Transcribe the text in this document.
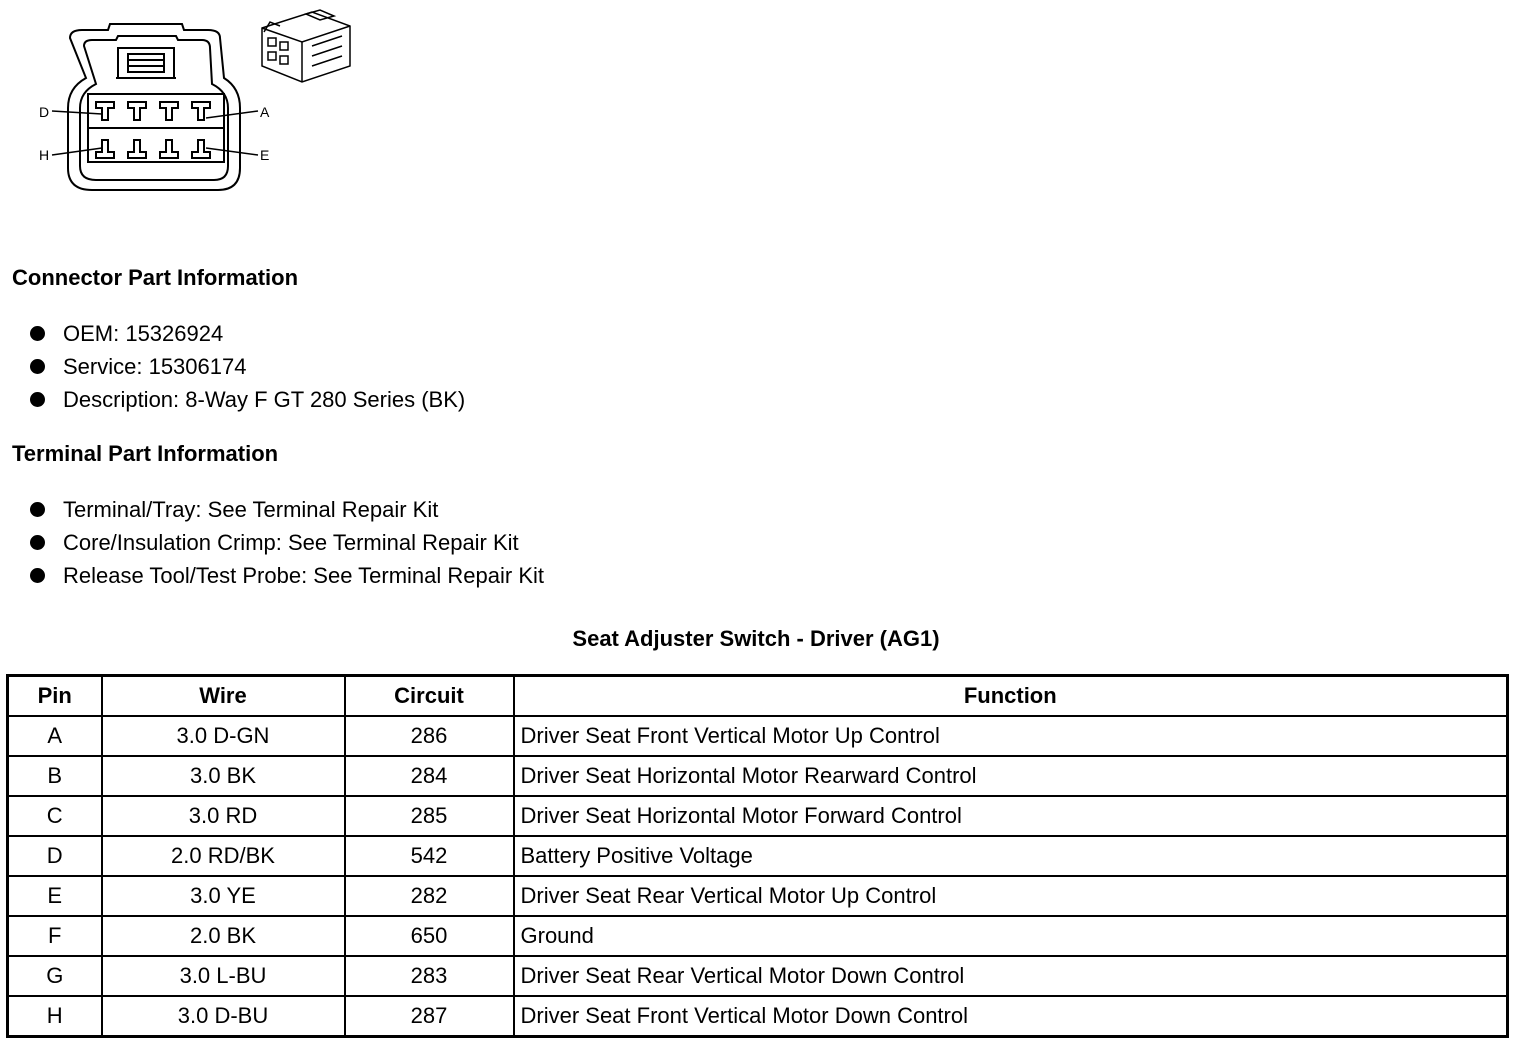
D	A
H	E
Connector Part Information
OEM: 15326924
Service: 15306174
Description: 8-Way F GT 280 Series (BK)
Terminal Part Information
Terminal/Tray: See Terminal Repair Kit
Core/Insulation Crimp: See Terminal Repair Kit
Release Tool/Test Probe: See Terminal Repair Kit
Seat Adjuster Switch - Driver (AG1)
Pin	Wire	Circuit	Function
A	3.0 D-GN	286	Driver Seat Front Vertical Motor Up Control
B	3.0 BK	284	Driver Seat Horizontal Motor Rearward Control
C	3.0 RD	285	Driver Seat Horizontal Motor Forward Control
D	2.0 RD/BK	542	Battery Positive Voltage
E	3.0 YE	282	Driver Seat Rear Vertical Motor Up Control
F	2.0 BK	650	Ground
G	3.0 L-BU	283	Driver Seat Rear Vertical Motor Down Control
H	3.0 D-BU	287	Driver Seat Front Vertical Motor Down Control
